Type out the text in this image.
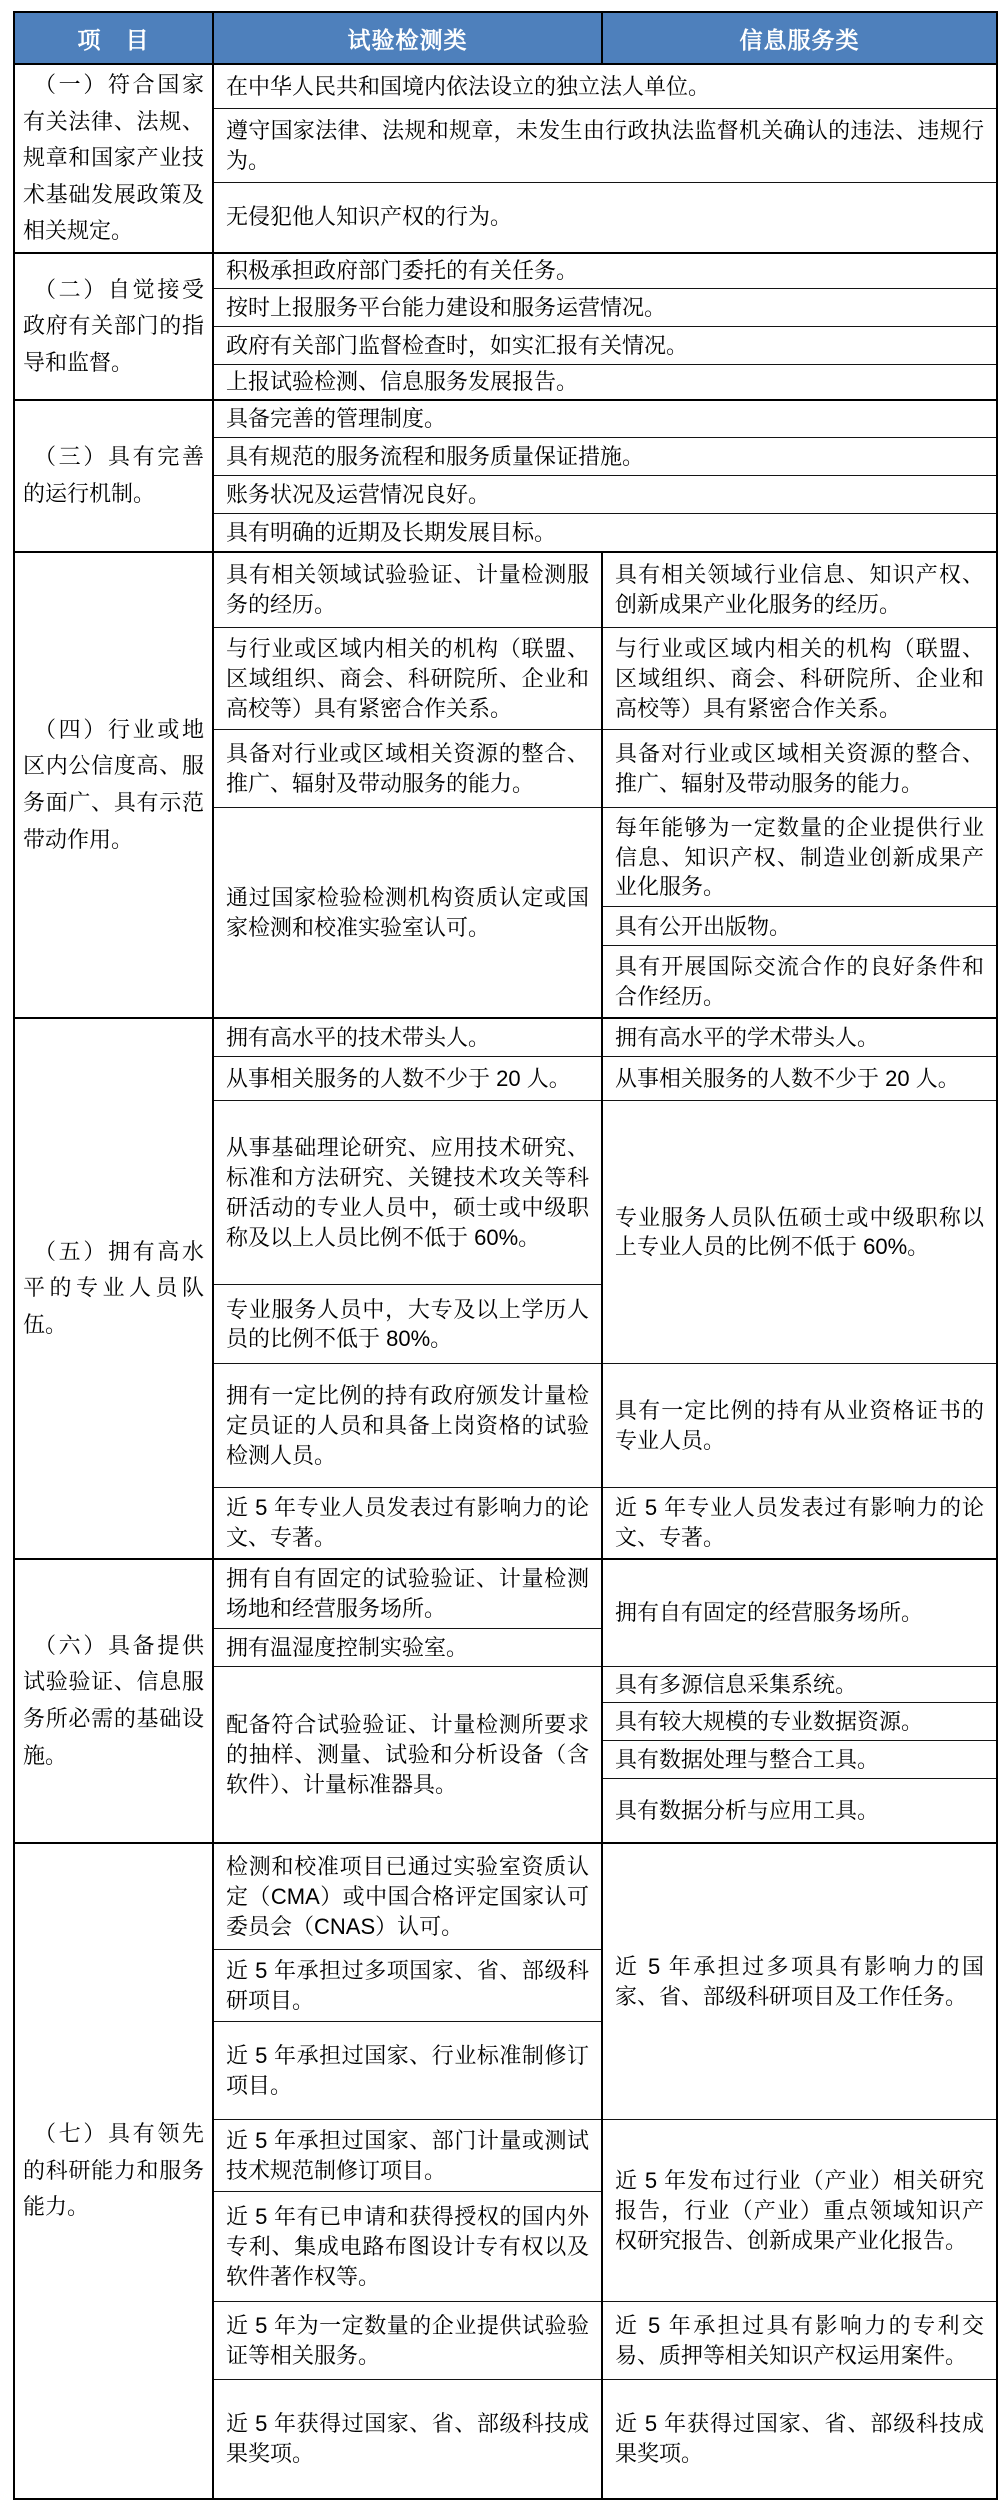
项　目	试验检测类	信息服务类
（一）符合国家有关法律、法规、规章和国家产业技术基础发展政策及相关规定。	在中华人民共和国境内依法设立的独立法人单位。	
	遵守国家法律、法规和规章，未发生由行政执法监督机关确认的违法、违规行为。	
	无侵犯他人知识产权的行为。	
（二）自觉接受政府有关部门的指导和监督。	积极承担政府部门委托的有关任务。	
	按时上报服务平台能力建设和服务运营情况。	
	政府有关部门监督检查时，如实汇报有关情况。	
	上报试验检测、信息服务发展报告。	
（三）具有完善的运行机制。	具备完善的管理制度。	
	具有规范的服务流程和服务质量保证措施。	
	账务状况及运营情况良好。	
	具有明确的近期及长期发展目标。	
（四）行业或地区内公信度高、服务面广、具有示范带动作用。	具有相关领域试验验证、计量检测服务的经历。	具有相关领域行业信息、知识产权、创新成果产业化服务的经历。
	与行业或区域内相关的机构（联盟、区域组织、商会、科研院所、企业和高校等）具有紧密合作关系。	与行业或区域内相关的机构（联盟、区域组织、商会、科研院所、企业和高校等）具有紧密合作关系。
	具备对行业或区域相关资源的整合、推广、辐射及带动服务的能力。	具备对行业或区域相关资源的整合、推广、辐射及带动服务的能力。
	通过国家检验检测机构资质认定或国家检测和校准实验室认可。	每年能够为一定数量的企业提供行业信息、知识产权、制造业创新成果产业化服务。
		具有公开出版物。
		具有开展国际交流合作的良好条件和合作经历。
（五）拥有高水平的专业人员队伍。	拥有高水平的技术带头人。	拥有高水平的学术带头人。
	从事相关服务的人数不少于 20 人。	从事相关服务的人数不少于 20 人。
	从事基础理论研究、应用技术研究、标准和方法研究、关键技术攻关等科研活动的专业人员中，硕士或中级职称及以上人员比例不低于 60%。	专业服务人员队伍硕士或中级职称以上专业人员的比例不低于 60%。
	专业服务人员中，大专及以上学历人员的比例不低于 80%。	
	拥有一定比例的持有政府颁发计量检定员证的人员和具备上岗资格的试验检测人员。	具有一定比例的持有从业资格证书的专业人员。
	近 5 年专业人员发表过有影响力的论文、专著。	近 5 年专业人员发表过有影响力的论文、专著。
（六）具备提供试验验证、信息服务所必需的基础设施。	拥有自有固定的试验验证、计量检测场地和经营服务场所。	拥有自有固定的经营服务场所。
	拥有温湿度控制实验室。	
	配备符合试验验证、计量检测所要求的抽样、测量、试验和分析设备（含软件）、计量标准器具。	具有多源信息采集系统。
		具有较大规模的专业数据资源。
		具有数据处理与整合工具。
		具有数据分析与应用工具。
（七）具有领先的科研能力和服务能力。	检测和校准项目已通过实验室资质认定（CMA）或中国合格评定国家认可委员会（CNAS）认可。	近 5 年承担过多项具有影响力的国家、省、部级科研项目及工作任务。
	近 5 年承担过多项国家、省、部级科研项目。	
	近 5 年承担过国家、行业标准制修订项目。	
	近 5 年承担过国家、部门计量或测试技术规范制修订项目。	近 5 年发布过行业（产业）相关研究报告，行业（产业）重点领域知识产权研究报告、创新成果产业化报告。
	近 5 年有已申请和获得授权的国内外专利、集成电路布图设计专有权以及软件著作权等。	
	近 5 年为一定数量的企业提供试验验证等相关服务。	近 5 年承担过具有影响力的专利交易、质押等相关知识产权运用案件。
	近 5 年获得过国家、省、部级科技成果奖项。	近 5 年获得过国家、省、部级科技成果奖项。
